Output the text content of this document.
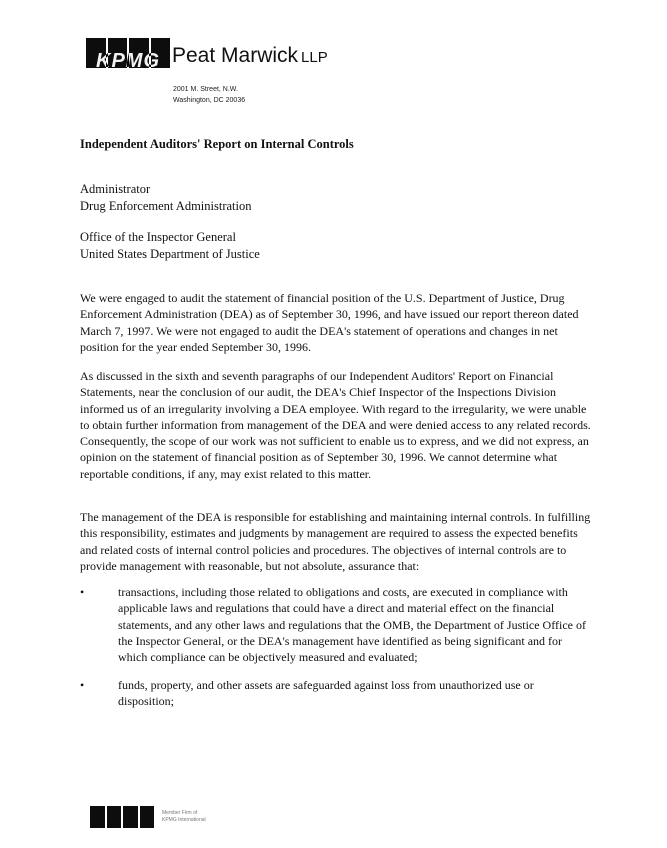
KPMG Peat Marwick LLP
2001 M. Street, N.W.
Washington, DC 20036
Independent Auditors' Report on Internal Controls
Administrator
Drug Enforcement Administration
Office of the Inspector General
United States Department of Justice
We were engaged to audit the statement of financial position of the U.S. Department of Justice, Drug Enforcement Administration (DEA) as of September 30, 1996, and have issued our report thereon dated March 7, 1997. We were not engaged to audit the DEA's statement of operations and changes in net position for the year ended September 30, 1996.
As discussed in the sixth and seventh paragraphs of our Independent Auditors' Report on Financial Statements, near the conclusion of our audit, the DEA's Chief Inspector of the Inspections Division informed us of an irregularity involving a DEA employee. With regard to the irregularity, we were unable to obtain further information from management of the DEA and were denied access to any related records. Consequently, the scope of our work was not sufficient to enable us to express, and we did not express, an opinion on the statement of financial position as of September 30, 1996. We cannot determine what reportable conditions, if any, may exist related to this matter.
The management of the DEA is responsible for establishing and maintaining internal controls. In fulfilling this responsibility, estimates and judgments by management are required to assess the expected benefits and related costs of internal control policies and procedures. The objectives of internal controls are to provide management with reasonable, but not absolute, assurance that:
•	transactions, including those related to obligations and costs, are executed in compliance with applicable laws and regulations that could have a direct and material effect on the financial statements, and any other laws and regulations that the OMB, the Department of Justice Office of the Inspector General, or the DEA's management have identified as being significant and for which compliance can be objectively measured and evaluated;
•	funds, property, and other assets are safeguarded against loss from unauthorized use or disposition;
Member Firm of
KPMG International
